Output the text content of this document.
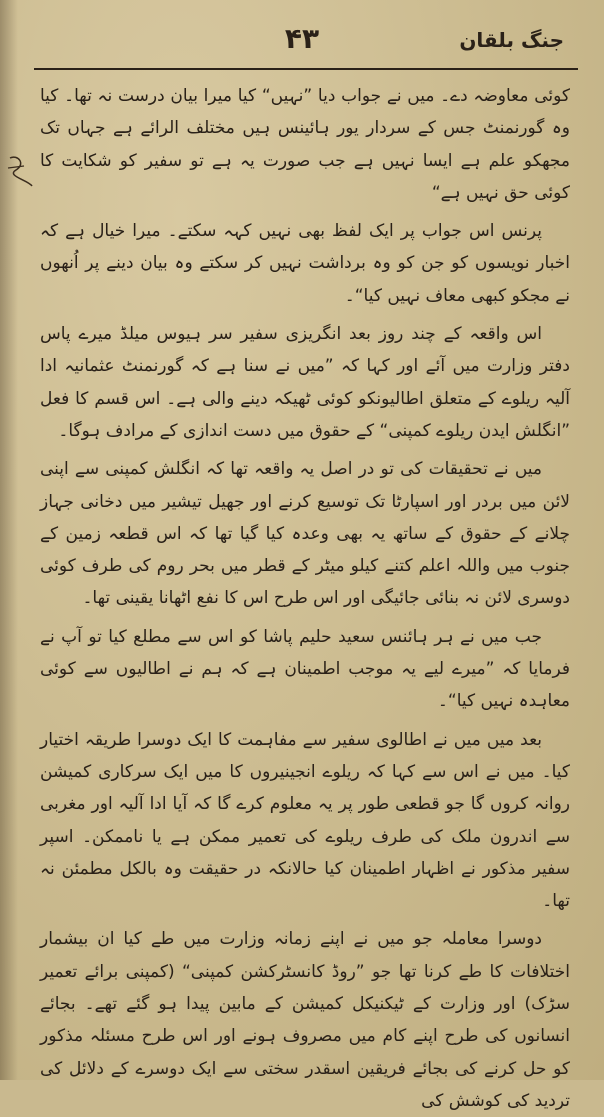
جنگ بلقان
۴۳

کوئی معاوضہ دے۔ میں نے جواب دیا ”نہیں“ کیا میرا بیان درست نہ تھا۔ کیا وہ گورنمنٹ جس کے سردار یور ہائینس ہیں مختلف الرائے ہے جہاں تک مجھکو علم ہے ایسا نہیں ہے جب صورت یہ ہے تو سفیر کو شکایت کا کوئی حق نہیں ہے“

پرنس اس جواب پر ایک لفظ بھی نہیں کہہ سکتے۔ میرا خیال ہے کہ اخبار نویسوں کو جن کو وہ برداشت نہیں کر سکتے وہ بیان دینے پر اُنھوں نے مجکو کبھی معاف نہیں کیا“۔

اس واقعہ کے چند روز بعد انگریزی سفیر سر ہیوس میلڈ میرے پاس دفتر وزارت میں آئے اور کہا کہ ”میں نے سنا ہے کہ گورنمنٹ عثمانیہ ادا آلیہ ریلوے کے متعلق اطالیونکو کوئی ٹھیکہ دینے والی ہے۔ اس قسم کا فعل ”انگلش ایدن ریلوے کمپنی“ کے حقوق میں دست اندازی کے مرادف ہوگا۔

میں نے تحقیقات کی تو در اصل یہ واقعہ تھا کہ انگلش کمپنی سے اپنی لائن میں بردر اور اسپارٹا تک توسیع کرنے اور جھیل تیشیر میں دخانی جہاز چلانے کے حقوق کے ساتھ یہ بھی وعدہ کیا گیا تھا کہ اس قطعہ زمین کے جنوب میں واللہ اعلم کتنے کیلو میٹر کے قطر میں بحر روم کی طرف کوئی دوسری لائن نہ بنائی جائیگی اور اس طرح اس کا نفع اٹھانا یقینی تھا۔

جب میں نے ہر ہائنس سعید حلیم پاشا کو اس سے مطلع کیا تو آپ نے فرمایا کہ ”میرے لیے یہ موجب اطمینان ہے کہ ہم نے اطالیوں سے کوئی معاہدہ نہیں کیا“۔

بعد میں میں نے اطالوی سفیر سے مفاہمت کا ایک دوسرا طریقہ اختیار کیا۔ میں نے اس سے کہا کہ ریلوے انجینیروں کا میں ایک سرکاری کمیشن روانہ کروں گا جو قطعی طور پر یہ معلوم کرے گا کہ آیا ادا آلیہ اور مغربی سے اندرون ملک کی طرف ریلوے کی تعمیر ممکن ہے یا ناممکن۔ اسپر سفیر مذکور نے اظہار اطمینان کیا حالانکہ در حقیقت وہ بالکل مطمئن نہ تھا۔

دوسرا معاملہ جو میں نے اپنے زمانہ وزارت میں طے کیا ان بیشمار اختلافات کا طے کرنا تھا جو ”روڈ کانسٹرکشن کمپنی“ (کمپنی برائے تعمیر سڑک) اور وزارت کے ٹیکنیکل کمیشن کے مابین پیدا ہو گئے تھے۔ بجائے انسانوں کی طرح اپنے کام میں مصروف ہونے اور اس طرح مسئلہ مذکور کو حل کرنے کی بجائے فریقین اسقدر سختی سے ایک دوسرے کے دلائل کی تردید کی کوشش کی
